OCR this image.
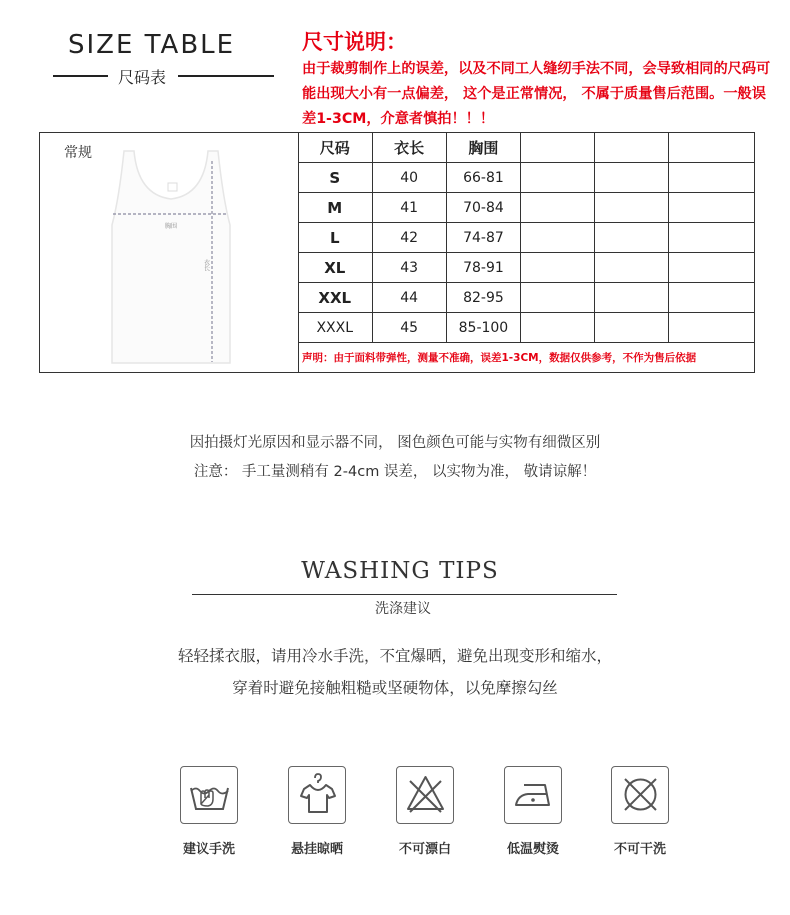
SIZE TABLE
尺码表
尺寸说明：
由于裁剪制作上的误差，以及不同工人缝纫手法不同，会导致相同的尺码可能出现大小有一点偏差， 这个是正常情况， 不属于质量售后范围。一般误差1-3CM，介意者慎拍！！！
常规
胸围
衣长
尺码	衣长	胸围			
S	40	66-81			
M	41	70-84			
L	42	74-87			
XL	43	78-91			
XXL	44	82-95			
XXXL	45	85-100			
声明：由于面料带弹性，测量不准确，误差1-3CM，数据仅供参考，不作为售后依据
因拍摄灯光原因和显示器不同， 图色颜色可能与实物有细微区别
注意： 手工量测稍有 2-4cm 误差， 以实物为准， 敬请谅解！
WASHING TIPS
洗涤建议
轻轻揉衣服，请用冷水手洗，不宜爆晒，避免出现变形和缩水，
穿着时避免接触粗糙或坚硬物体，以免摩擦勾丝
建议手洗	悬挂晾晒	不可漂白	低温熨烫	不可干洗
